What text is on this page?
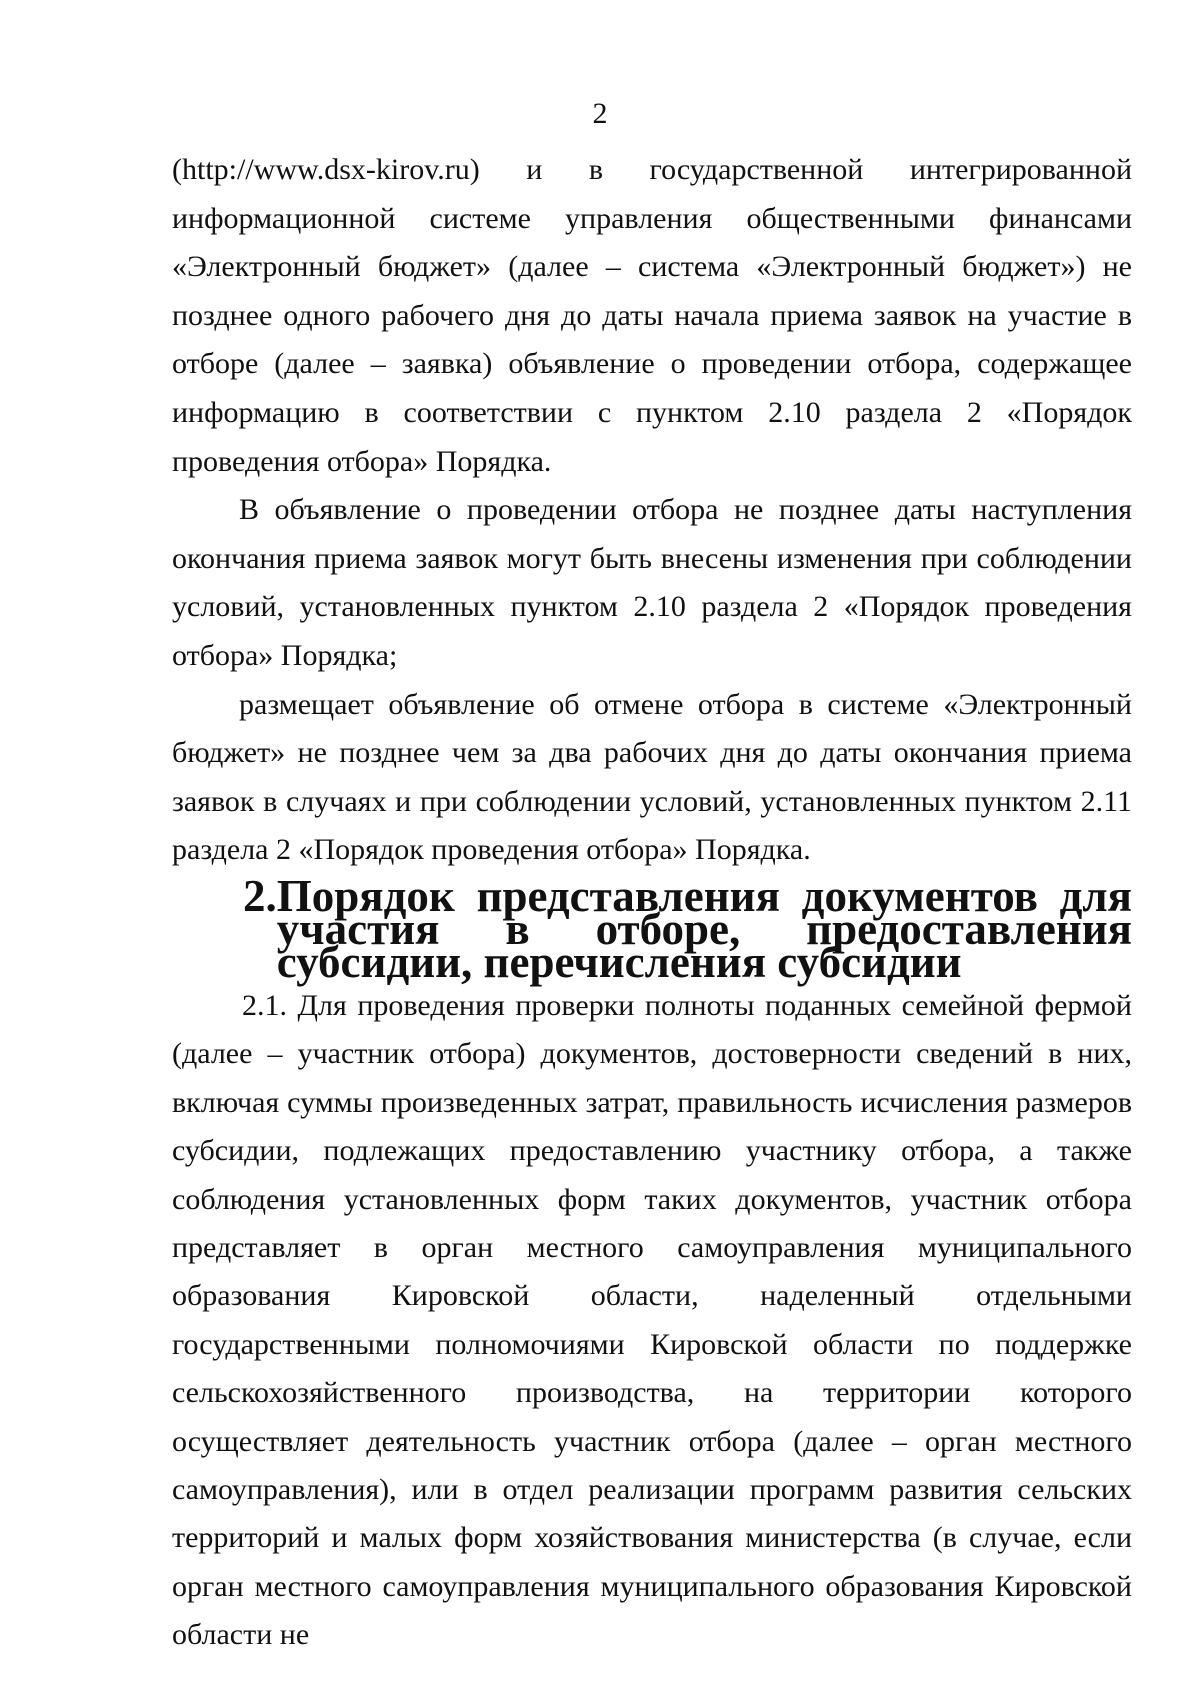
2

(http://www.dsx-kirov.ru) и в государственной интегрированной информационной системе управления общественными финансами «Электронный бюджет» (далее – система «Электронный бюджет») не позднее одного рабочего дня до даты начала приема заявок на участие в отборе (далее – заявка) объявление о проведении отбора, содержащее информацию в соответствии с пунктом 2.10 раздела 2 «Порядок проведения отбора» Порядка.

В объявление о проведении отбора не позднее даты наступления окончания приема заявок могут быть внесены изменения при соблюдении условий, установленных пунктом 2.10 раздела 2 «Порядок проведения отбора» Порядка;

размещает объявление об отмене отбора в системе «Электронный бюджет» не позднее чем за два рабочих дня до даты окончания приема заявок в случаях и при соблюдении условий, установленных пунктом 2.11 раздела 2 «Порядок проведения отбора» Порядка.

2. Порядок представления документов для участия в отборе, предоставления субсидии, перечисления субсидии

2.1. Для проведения проверки полноты поданных семейной фермой (далее – участник отбора) документов, достоверности сведений в них, включая суммы произведенных затрат, правильность исчисления размеров субсидии, подлежащих предоставлению участнику отбора, а также соблюдения установленных форм таких документов, участник отбора представляет в орган местного самоуправления муниципального образования Кировской области, наделенный отдельными государственными полномочиями Кировской области по поддержке сельскохозяйственного производства, на территории которого осуществляет деятельность участник отбора (далее – орган местного самоуправления), или в отдел реализации программ развития сельских территорий и малых форм хозяйствования министерства (в случае, если орган местного самоуправления муниципального образования Кировской области не
